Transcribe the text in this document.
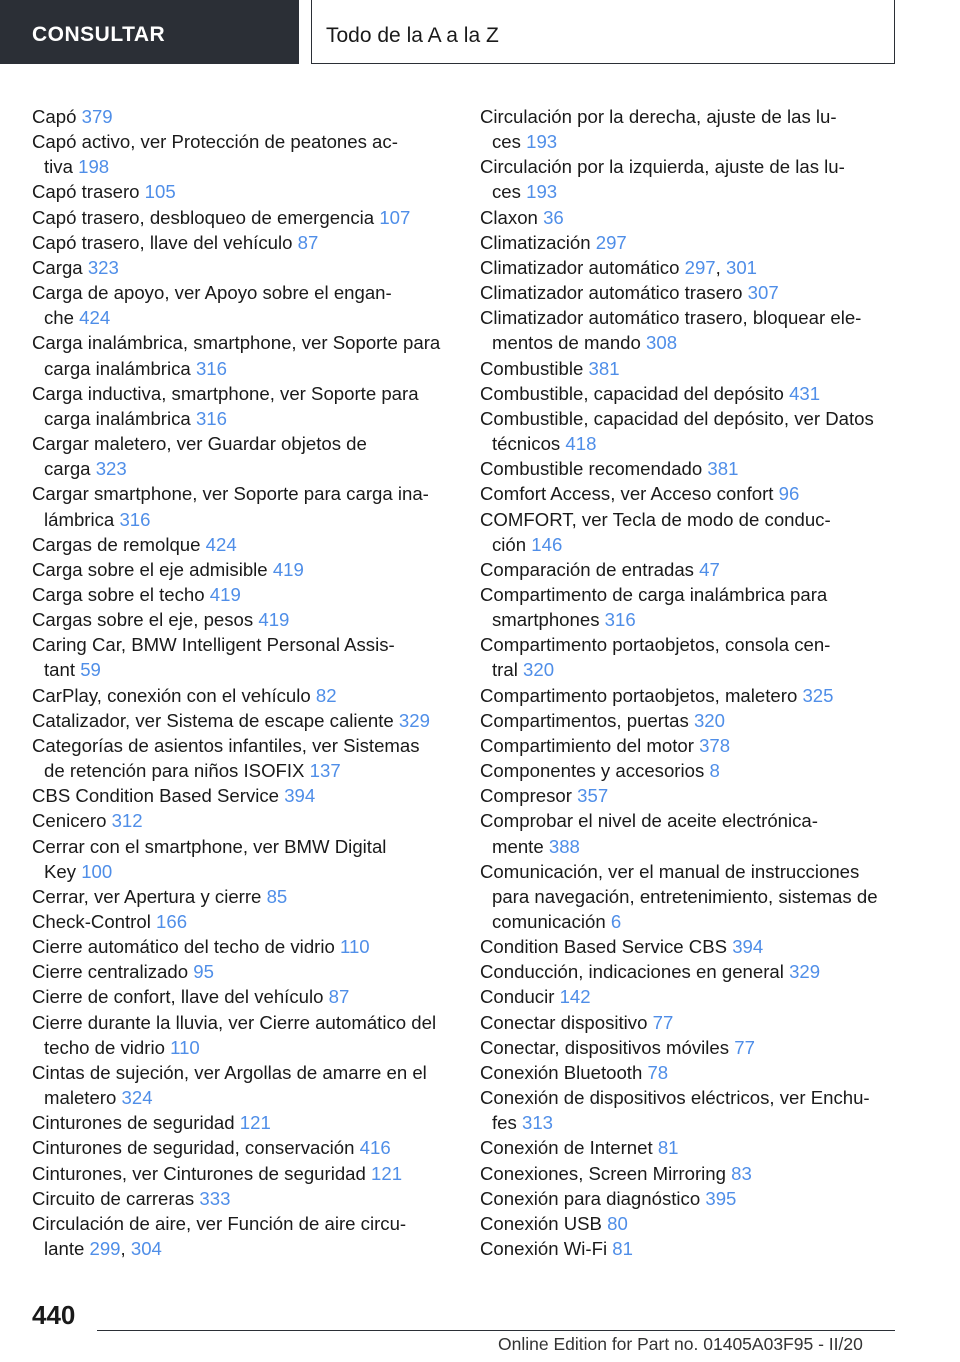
CONSULTAR	Todo de la A a la Z
Capó 379
Capó activo, ver Protección de peatones ac-
tiva 198
Capó trasero 105
Capó trasero, desbloqueo de emergencia 107
Capó trasero, llave del vehículo 87
Carga 323
Carga de apoyo, ver Apoyo sobre el engan-
che 424
Carga inalámbrica, smartphone, ver Soporte para
carga inalámbrica 316
Carga inductiva, smartphone, ver Soporte para
carga inalámbrica 316
Cargar maletero, ver Guardar objetos de
carga 323
Cargar smartphone, ver Soporte para carga ina-
lámbrica 316
Cargas de remolque 424
Carga sobre el eje admisible 419
Carga sobre el techo 419
Cargas sobre el eje, pesos 419
Caring Car, BMW Intelligent Personal Assis-
tant 59
CarPlay, conexión con el vehículo 82
Catalizador, ver Sistema de escape caliente 329
Categorías de asientos infantiles, ver Sistemas
de retención para niños ISOFIX 137
CBS Condition Based Service 394
Cenicero 312
Cerrar con el smartphone, ver BMW Digital
Key 100
Cerrar, ver Apertura y cierre 85
Check-Control 166
Cierre automático del techo de vidrio 110
Cierre centralizado 95
Cierre de confort, llave del vehículo 87
Cierre durante la lluvia, ver Cierre automático del
techo de vidrio 110
Cintas de sujeción, ver Argollas de amarre en el
maletero 324
Cinturones de seguridad 121
Cinturones de seguridad, conservación 416
Cinturones, ver Cinturones de seguridad 121
Circuito de carreras 333
Circulación de aire, ver Función de aire circu-
lante 299, 304
Circulación por la derecha, ajuste de las lu-
ces 193
Circulación por la izquierda, ajuste de las lu-
ces 193
Claxon 36
Climatización 297
Climatizador automático 297, 301
Climatizador automático trasero 307
Climatizador automático trasero, bloquear ele-
mentos de mando 308
Combustible 381
Combustible, capacidad del depósito 431
Combustible, capacidad del depósito, ver Datos
técnicos 418
Combustible recomendado 381
Comfort Access, ver Acceso confort 96
COMFORT, ver Tecla de modo de conduc-
ción 146
Comparación de entradas 47
Compartimento de carga inalámbrica para
smartphones 316
Compartimento portaobjetos, consola cen-
tral 320
Compartimento portaobjetos, maletero 325
Compartimentos, puertas 320
Compartimiento del motor 378
Componentes y accesorios 8
Compresor 357
Comprobar el nivel de aceite electrónica-
mente 388
Comunicación, ver el manual de instrucciones
para navegación, entretenimiento, sistemas de
comunicación 6
Condition Based Service CBS 394
Conducción, indicaciones en general 329
Conducir 142
Conectar dispositivo 77
Conectar, dispositivos móviles 77
Conexión Bluetooth 78
Conexión de dispositivos eléctricos, ver Enchu-
fes 313
Conexión de Internet 81
Conexiones, Screen Mirroring 83
Conexión para diagnóstico 395
Conexión USB 80
Conexión Wi-Fi 81
440
Online Edition for Part no. 01405A03F95 - II/20
